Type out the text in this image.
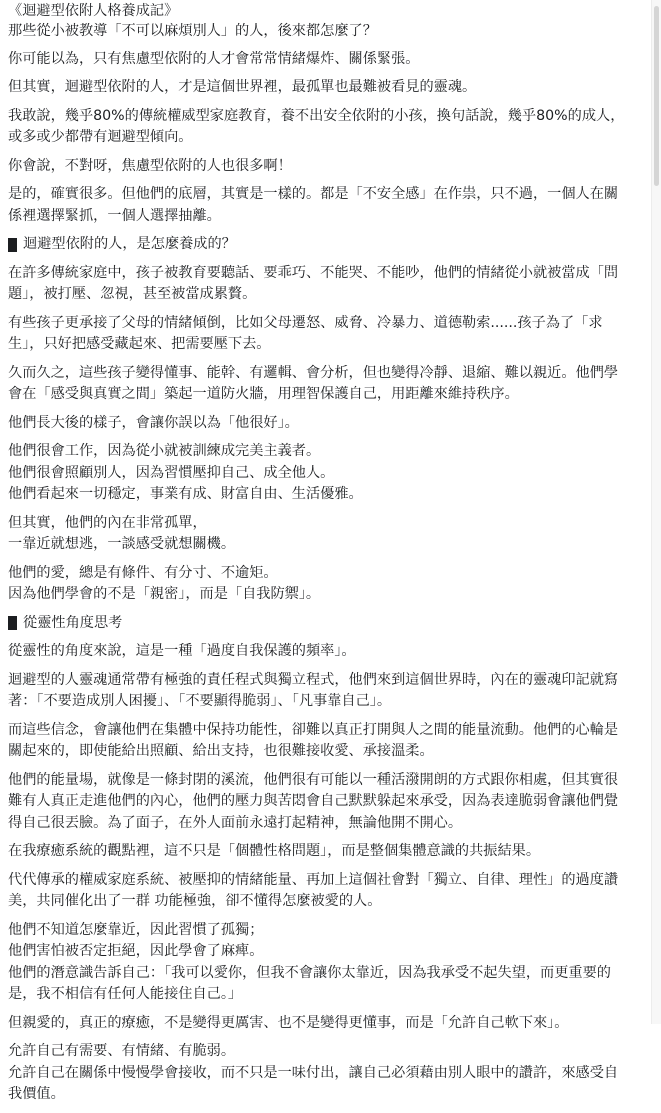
《迴避型依附人格養成記》

那些從小被教導「不可以麻煩別人」的人，後來都怎麼了？
你可能以為，只有焦慮型依附的人才會常常情緒爆炸、關係緊張。
但其實，迴避型依附的人，才是這個世界裡，最孤單也最難被看見的靈魂。
我敢說，幾乎80%的傳統權威型家庭教育，養不出安全依附的小孩，換句話說，幾乎80%的成人，
或多或少都帶有迴避型傾向。
你會說，不對呀，焦慮型依附的人也很多啊！
是的，確實很多。但他們的底層，其實是一樣的。都是「不安全感」在作祟，只不過，一個人在關
係裡選擇緊抓，一個人選擇抽離。
迴避型依附的人，是怎麼養成的？
在許多傳統家庭中，孩子被教育要聽話、要乖巧、不能哭、不能吵，他們的情緒從小就被當成「問
題」，被打壓、忽視，甚至被當成累贅。
有些孩子更承接了父母的情緒傾倒，比如父母遷怒、威脅、冷暴力、道德勒索......孩子為了「求
生」，只好把感受藏起來、把需要壓下去。
久而久之，這些孩子變得懂事、能幹、有邏輯、會分析，但也變得冷靜、退縮、難以親近。他們學
會在「感受與真實之間」築起一道防火牆，用理智保護自己，用距離來維持秩序。
他們長大後的樣子，會讓你誤以為「他很好」。
他們很會工作，因為從小就被訓練成完美主義者。
他們很會照顧別人，因為習慣壓抑自己、成全他人。
他們看起來一切穩定，事業有成、財富自由、生活優雅。
但其實，他們的內在非常孤單，
一靠近就想逃，一談感受就想關機。
他們的愛，總是有條件、有分寸、不逾矩。
因為他們學會的不是「親密」，而是「自我防禦」。
從靈性角度思考
從靈性的角度來說，這是一種「過度自我保護的頻率」。
迴避型的人靈魂通常帶有極強的責任程式與獨立程式，他們來到這個世界時，內在的靈魂印記就寫
著：「不要造成別人困擾」、「不要顯得脆弱」、「凡事靠自己」。
而這些信念，會讓他們在集體中保持功能性，卻難以真正打開與人之間的能量流動。他們的心輪是
關起來的，即使能給出照顧、給出支持，也很難接收愛、承接溫柔。
他們的能量場，就像是一條封閉的溪流，他們很有可能以一種活潑開朗的方式跟你相處，但其實很
難有人真正走進他們的內心，他們的壓力與苦悶會自己默默躲起來承受，因為表達脆弱會讓他們覺
得自己很丟臉。為了面子，在外人面前永遠打起精神，無論他開不開心。
在我療癒系統的觀點裡，這不只是「個體性格問題」，而是整個集體意識的共振結果。
代代傳承的權威家庭系統、被壓抑的情緒能量、再加上這個社會對「獨立、自律、理性」的過度讚
美，共同催化出了一群 功能極強，卻不懂得怎麼被愛的人。
他們不知道怎麼靠近，因此習慣了孤獨；
他們害怕被否定拒絕，因此學會了麻痺。
他們的潛意識告訴自己：「我可以愛你，但我不會讓你太靠近，因為我承受不起失望，而更重要的
是，我不相信有任何人能接住自己。」
但親愛的，真正的療癒，不是變得更厲害、也不是變得更懂事，而是「允許自己軟下來」。
允許自己有需要、有情緒、有脆弱。
允許自己在關係中慢慢學會接收，而不只是一味付出，讓自己必須藉由別人眼中的讚許，來感受自
我價值。
